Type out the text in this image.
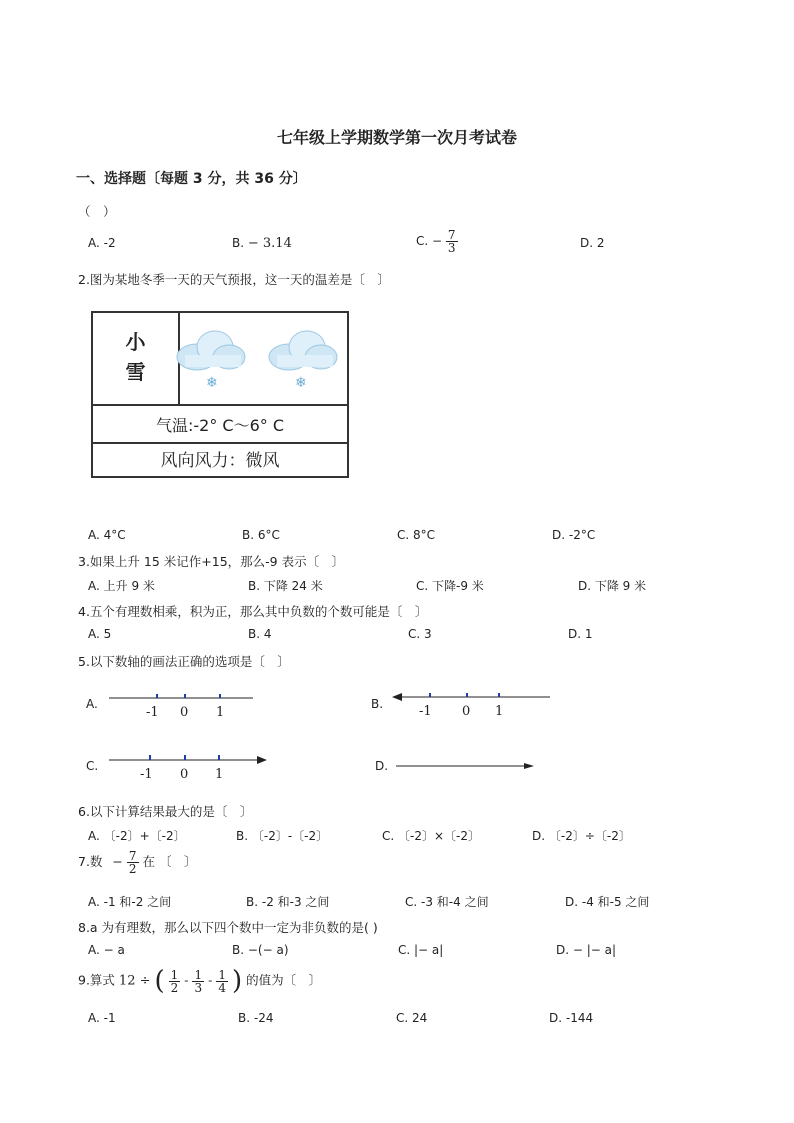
七年级上学期数学第一次月考试卷
一、选择题〔每题 3 分，共 36 分〕
（　）
A. -2	B. − 3.14	C. − $\frac{7}{3}$	D. 2
2.图为某地冬季一天的天气预报，这一天的温差是〔　〕
小
雪	❄	❄
气温:-2° C～6° C
风向风力：微风
A. 4°C	B. 6°C	C. 8°C	D. -2°C
3.如果上升 15 米记作+15，那么-9 表示〔　〕
A. 上升 9 米	B. 下降 24 米	C. 下降-9 米	D. 下降 9 米
4.五个有理数相乘，积为正，那么其中负数的个数可能是〔　〕
A. 5	B. 4	C. 3	D. 1
5.以下数轴的画法正确的选项是〔　〕
A.
-1 0 1
B.	-1 0 1
C.
-1 0 1
D.
6.以下计算结果最大的是〔　〕
A. 〔-2〕+〔-2〕	B. 〔-2〕-〔-2〕	C. 〔-2〕×〔-2〕	D. 〔-2〕÷〔-2〕
7.数 − $\frac{7}{2}$ 在 〔　〕
A. -1 和-2 之间	B. -2 和-3 之间	C. -3 和-4 之间	D. -4 和-5 之间
8.a 为有理数，那么以下四个数中一定为非负数的是( )
A. − a	B. −(− a)	C. |− a|	D. − |− a|
9.算式 12 ÷ ( $\frac{1}{2} - \frac{1}{3} - \frac{1}{4}$ ) 的值为〔　〕
A. -1	B. -24	C. 24	D. -144
